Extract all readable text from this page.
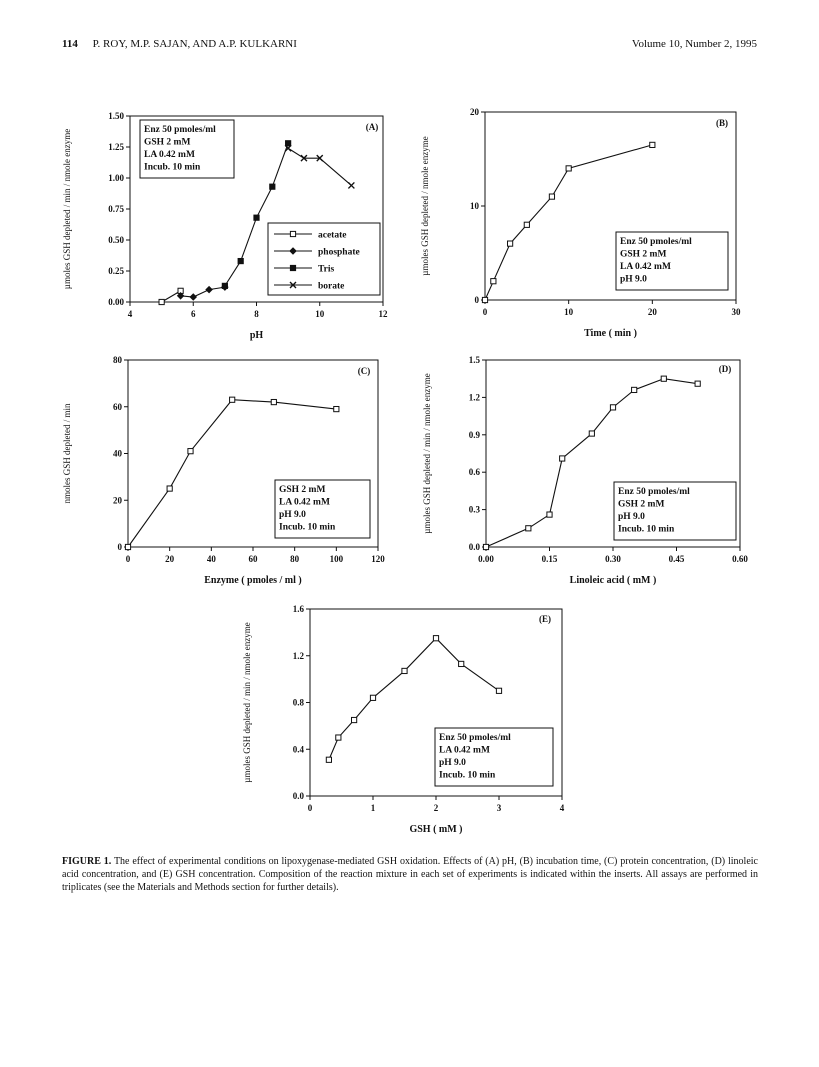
114 P. ROY, M.P. SAJAN, AND A.P. KULKARNI	Volume 10, Number 2, 1995
4	6	8	10	12
0.00
0.25
0.50
0.75
1.00
1.25
1.50
pH
µmoles GSH depleted / min / nmole enzyme
(A)
Enz 50 pmoles/ml
GSH 2 mM
LA 0.42 mM
Incub. 10 min
acetate
phosphate
Tris
borate
0	10	20	30
0
10
20
Time ( min )
µmoles GSH depleted / nmole enzyme
(B)
Enz 50 pmoles/ml
GSH 2 mM
LA 0.42 mM
pH 9.0
0	20	40	60	80	100	120
0
20
40
60
80
Enzyme ( pmoles / ml )
nmoles GSH depleted / min
(C)
GSH 2 mM
LA 0.42 mM
pH 9.0
Incub. 10 min
0.00	0.15	0.30	0.45	0.60
0.0
0.3
0.6
0.9
1.2
1.5
Linoleic acid ( mM )
µmoles GSH depleted / min / nmole enzyme
(D)
Enz 50 pmoles/ml
GSH 2 mM
pH 9.0
Incub. 10 min
0	1	2	3	4
0.0
0.4
0.8
1.2
1.6
GSH ( mM )
µmoles GSH depleted / min / nmole enzyme
(E)
Enz 50 pmoles/ml
LA 0.42 mM
pH 9.0
Incub. 10 min
FIGURE 1. The effect of experimental conditions on lipoxygenase-mediated GSH oxidation. Effects of (A) pH, (B) incubation time, (C) protein concentration, (D) linoleic acid concentration, and (E) GSH concentration. Composition of the reaction mixture in each set of experiments is indicated within the inserts. All assays are performed in triplicates (see the Materials and Methods section for further details).
